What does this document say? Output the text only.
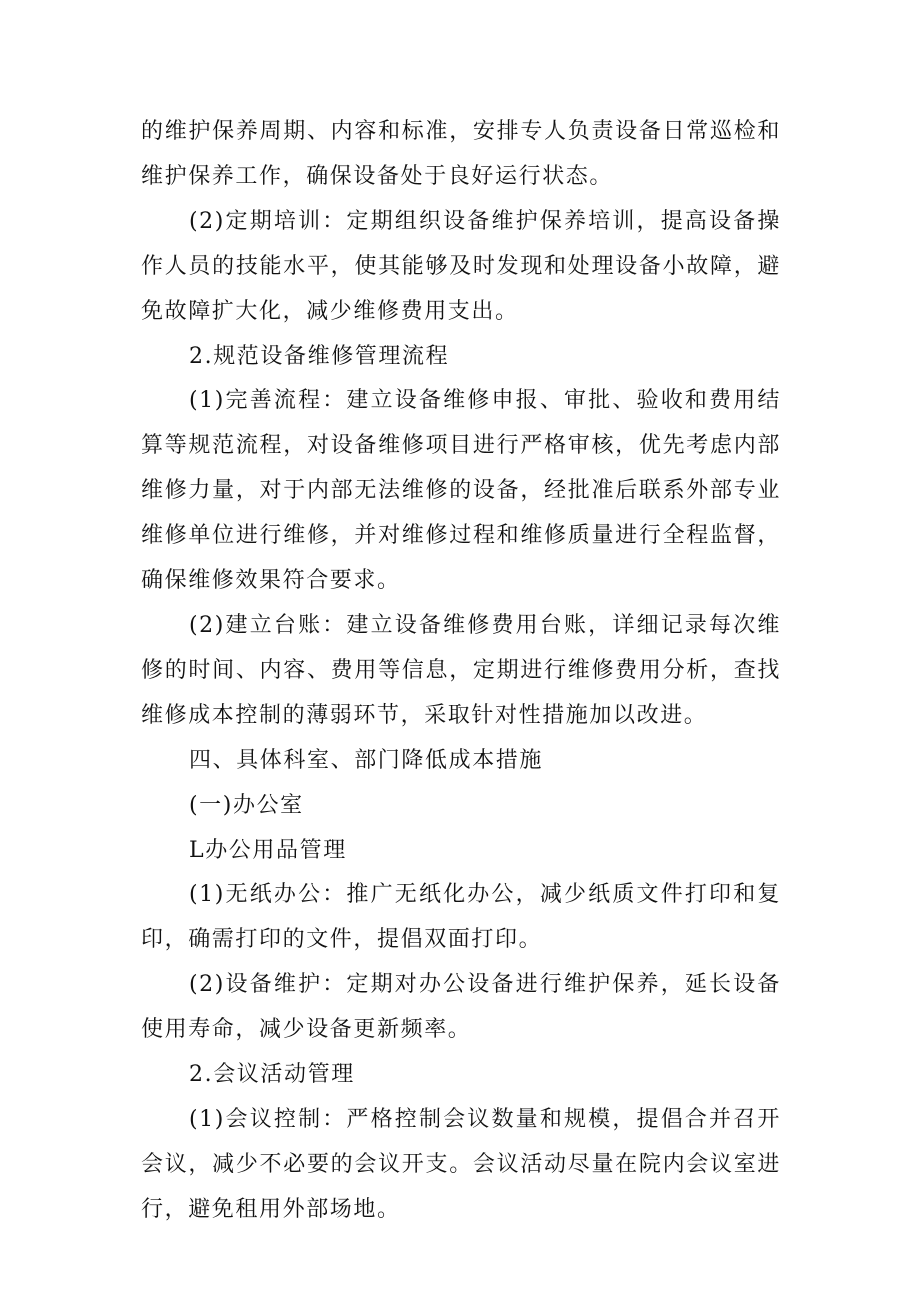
的维护保养周期、内容和标准，安排专人负责设备日常巡检和维护保养工作，确保设备处于良好运行状态。

(2)定期培训：定期组织设备维护保养培训，提高设备操作人员的技能水平，使其能够及时发现和处理设备小故障，避免故障扩大化，减少维修费用支出。

2.规范设备维修管理流程

(1)完善流程：建立设备维修申报、审批、验收和费用结算等规范流程，对设备维修项目进行严格审核，优先考虑内部维修力量，对于内部无法维修的设备，经批准后联系外部专业维修单位进行维修，并对维修过程和维修质量进行全程监督，确保维修效果符合要求。

(2)建立台账：建立设备维修费用台账，详细记录每次维修的时间、内容、费用等信息，定期进行维修费用分析，查找维修成本控制的薄弱环节，采取针对性措施加以改进。

四、具体科室、部门降低成本措施

(一)办公室

L办公用品管理

(1)无纸办公：推广无纸化办公，减少纸质文件打印和复印，确需打印的文件，提倡双面打印。

(2)设备维护：定期对办公设备进行维护保养，延长设备使用寿命，减少设备更新频率。

2.会议活动管理

(1)会议控制：严格控制会议数量和规模，提倡合并召开会议，减少不必要的会议开支。会议活动尽量在院内会议室进行，避免租用外部场地。
